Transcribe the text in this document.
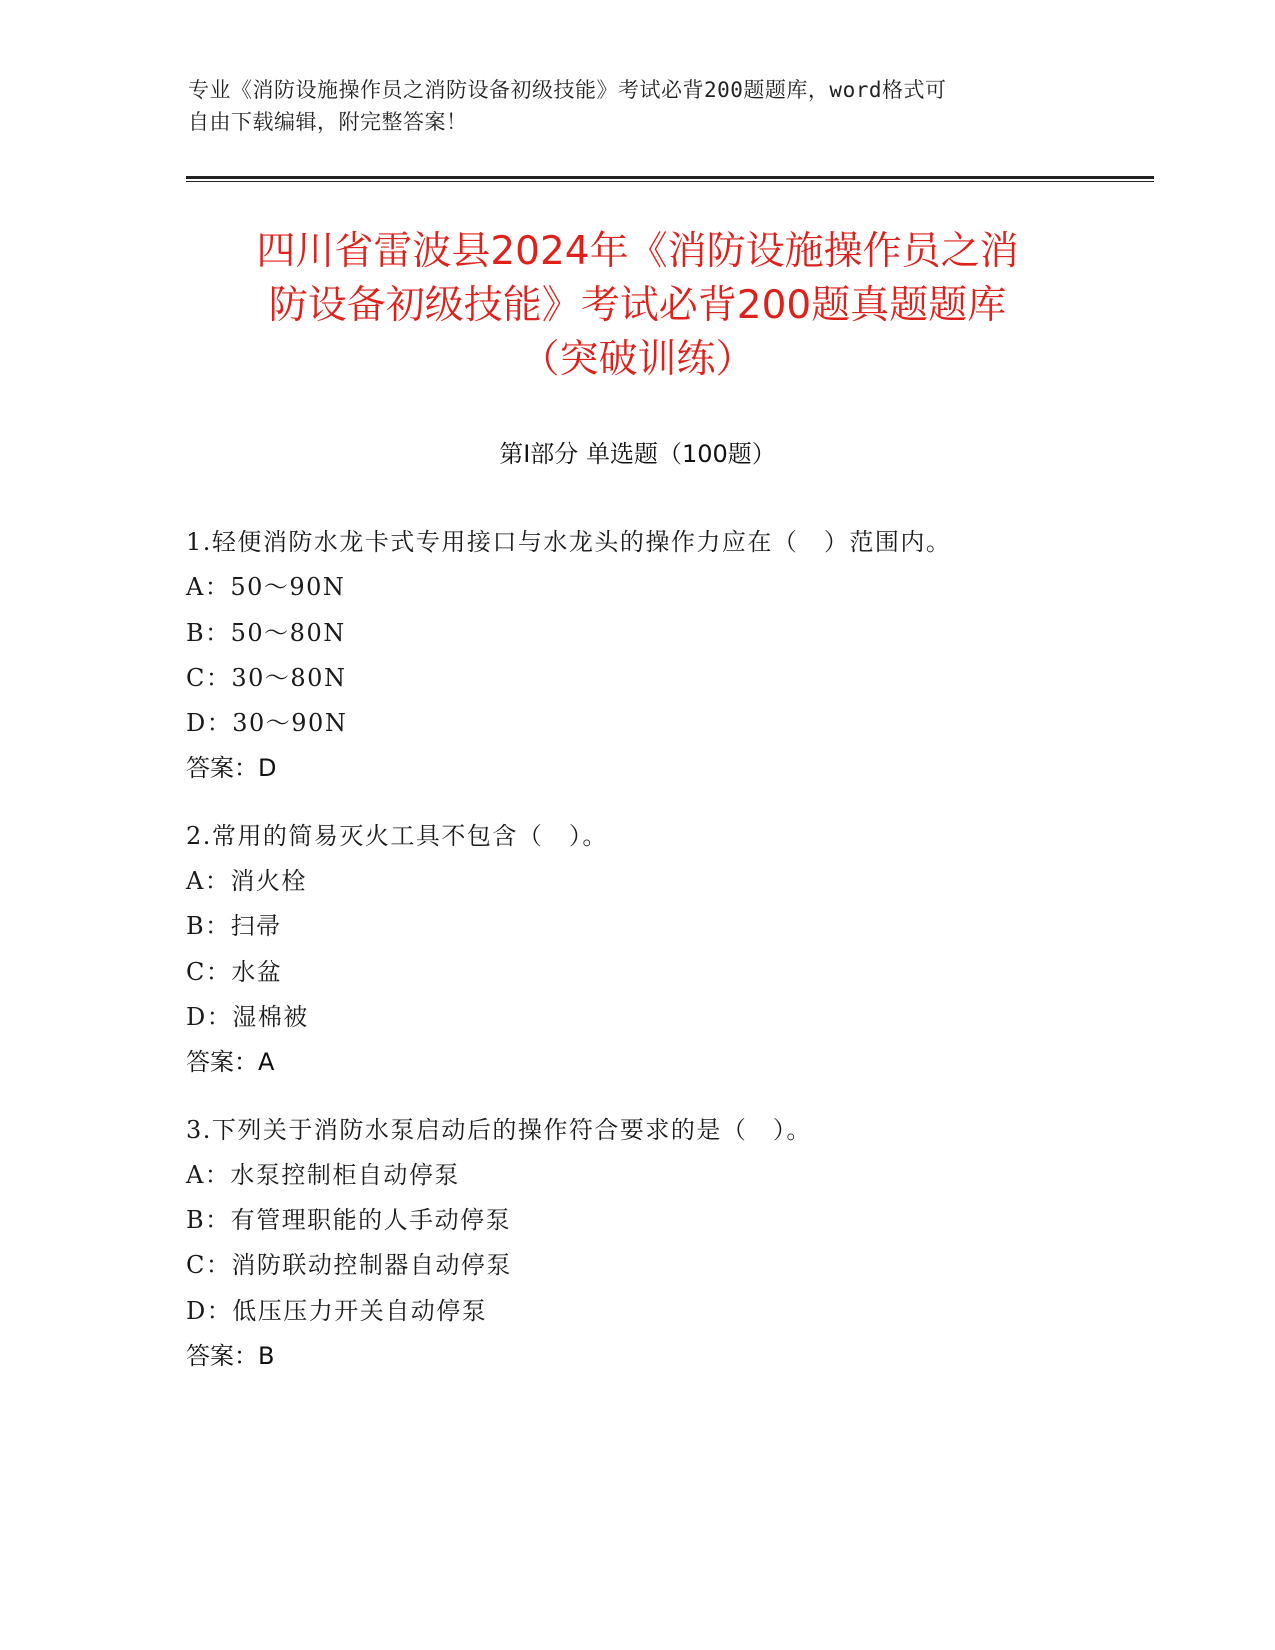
专业《消防设施操作员之消防设备初级技能》考试必背200题题库，word格式可
自由下载编辑，附完整答案！
四川省雷波县2024年《消防设施操作员之消
防设备初级技能》考试必背200题真题题库
（突破训练）
第I部分 单选题（100题）
1.轻便消防水龙卡式专用接口与水龙头的操作力应在（　）范围内。
A：50～90N
B：50～80N
C：30～80N
D：30～90N
答案：D
2.常用的简易灭火工具不包含（　）。
A：消火栓
B：扫帚
C：水盆
D：湿棉被
答案：A
3.下列关于消防水泵启动后的操作符合要求的是（　）。
A：水泵控制柜自动停泵
B：有管理职能的人手动停泵
C：消防联动控制器自动停泵
D：低压压力开关自动停泵
答案：B
